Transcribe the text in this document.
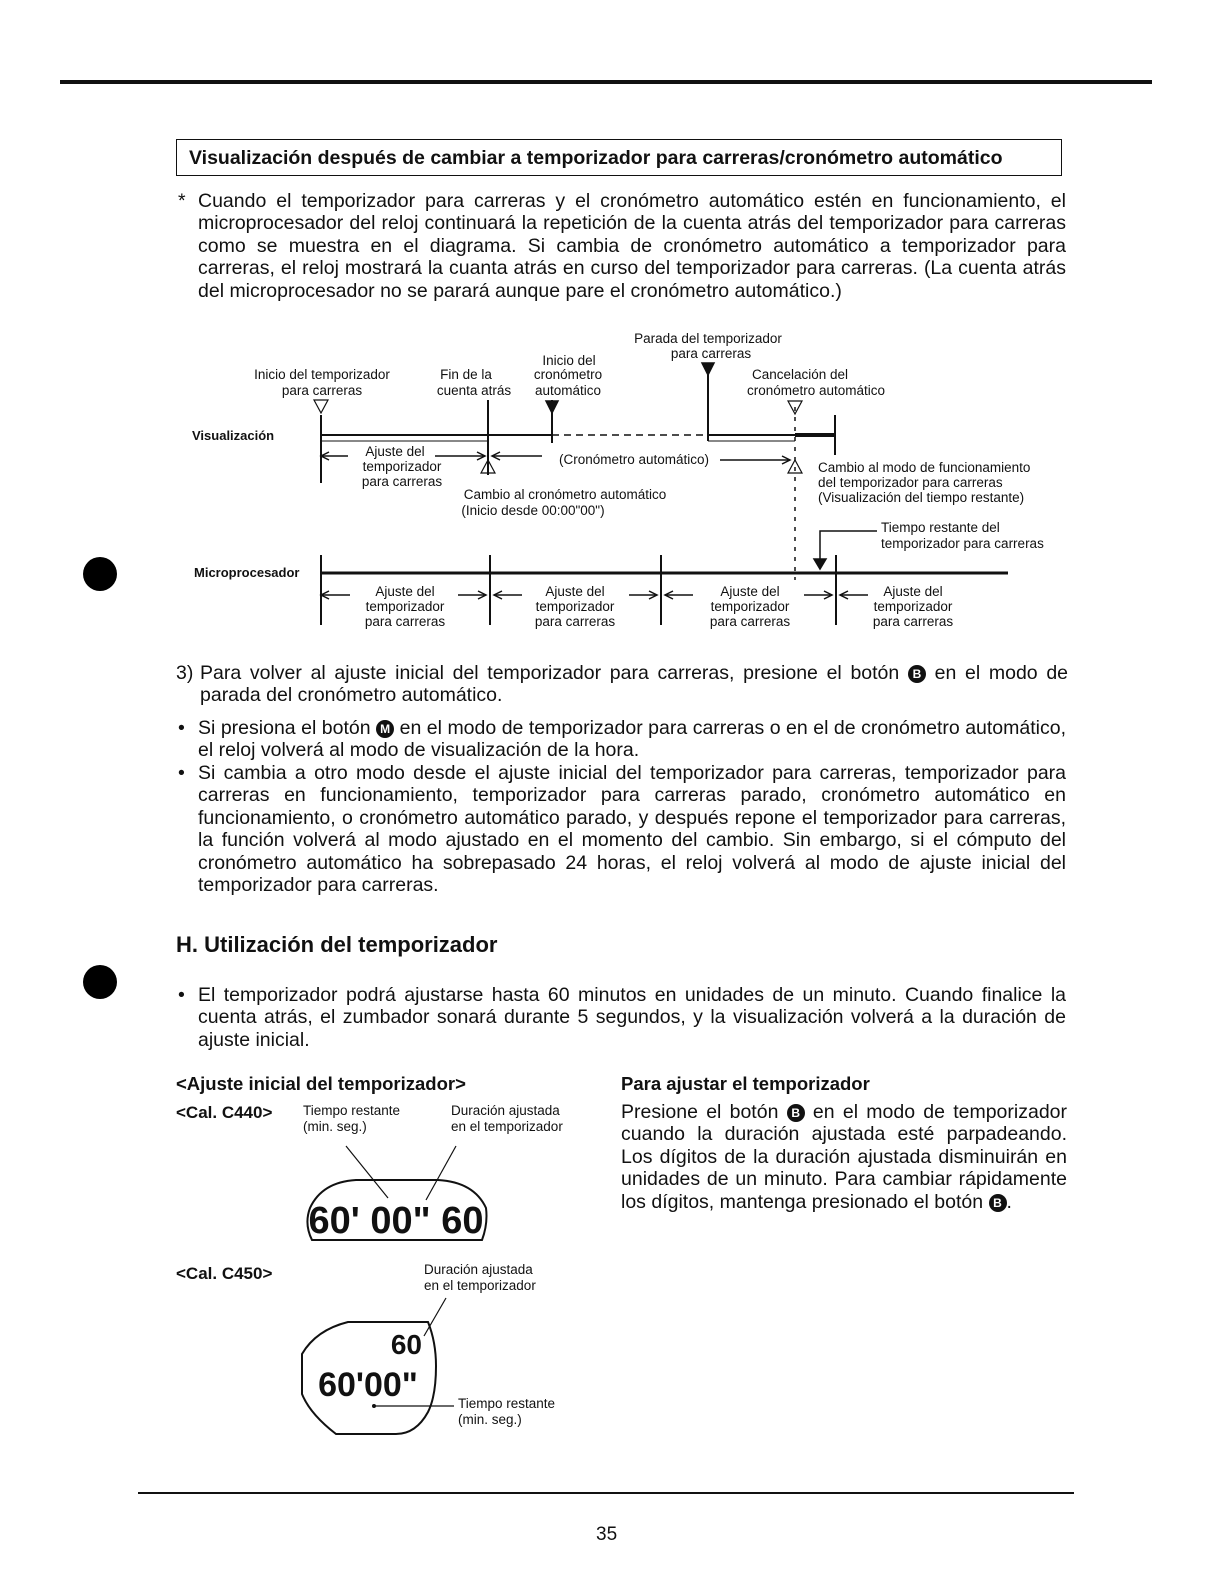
Visualización después de cambiar a temporizador para carreras/cronómetro automático
* Cuando el temporizador para carreras y el cronómetro automático estén en funcionamiento, el microprocesador del reloj continuará la repetición de la cuenta atrás del temporizador para carreras como se muestra en el diagrama. Si cambia de cronómetro automático a temporizador para carreras, el reloj mostrará la cuanta atrás en curso del temporizador para carreras. (La cuenta atrás del microprocesador no se parará aunque pare el cronómetro automático.)
Parada del temporizador
para carreras
Inicio del
Inicio del temporizador
para carreras
Fin de la
cuenta atrás
cronómetro
automático
Cancelación del
cronómetro automático
Visualización
Microprocesador
Ajuste del
temporizador
para carreras
(Cronómetro automático)
Cambio al cronómetro automático
(Inicio desde 00:00"00")
Cambio al modo de funcionamiento
del temporizador para carreras
(Visualización del tiempo restante)
Tiempo restante del
temporizador para carreras
Ajuste del
temporizador
para carreras
Ajuste del
temporizador
para carreras
Ajuste del
temporizador
para carreras
Ajuste del
temporizador
para carreras
3) Para volver al ajuste inicial del temporizador para carreras, presione el botón B en el modo de parada del cronómetro automático.
• Si presiona el botón M en el modo de temporizador para carreras o en el de cronómetro automático, el reloj volverá al modo de visualización de la hora.
• Si cambia a otro modo desde el ajuste inicial del temporizador para carreras, temporizador para carreras en funcionamiento, temporizador para carreras parado, cronómetro automático en funcionamiento, o cronómetro automático parado, y después repone el temporizador para carreras, la función volverá al modo ajustado en el momento del cambio. Sin embargo, si el cómputo del cronómetro automático ha sobrepasado 24 horas, el reloj volverá al modo de ajuste inicial del temporizador para carreras.
H. Utilización del temporizador
• El temporizador podrá ajustarse hasta 60 minutos en unidades de un minuto. Cuando finalice la cuenta atrás, el zumbador sonará durante 5 segundos, y la visualización volverá a la duración de ajuste inicial.
<Ajuste inicial del temporizador>
<Cal. C440> Tiempo restante
(min. seg.)
Duración ajustada
en el temporizador
60' 00" 60
<Cal. C450>	Duración ajustada
en el temporizador
60
60'00"	Tiempo restante
(min. seg.)
Para ajustar el temporizador
Presione el botón B en el modo de temporizador cuando la duración ajustada esté parpadeando. Los dígitos de la duración ajustada disminuirán en unidades de un minuto. Para cambiar rápidamente los dígitos, mantenga presionado el botón B .
35
